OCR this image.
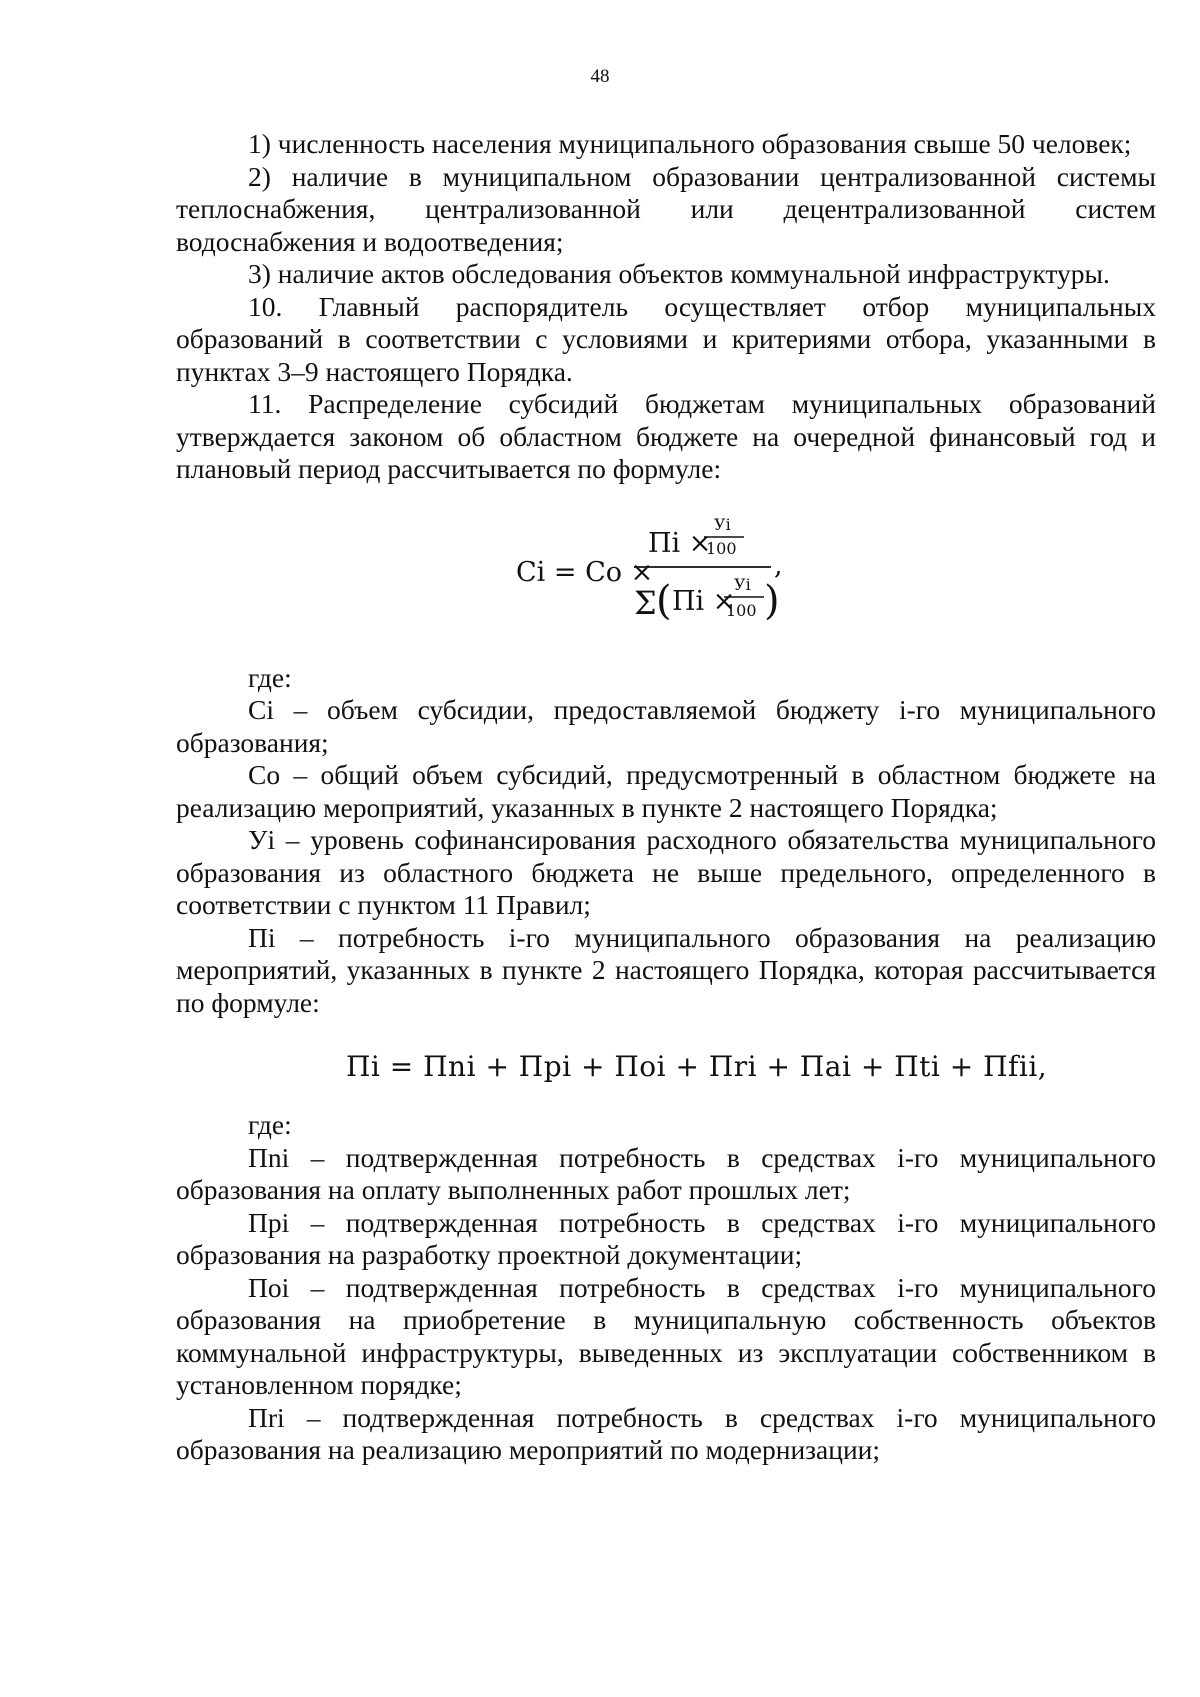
48

1) численность населения муниципального образования свыше 50 человек;

2) наличие в муниципальном образовании централизованной системы теплоснабжения, централизованной или децентрализованной систем водоснабжения и водоотведения;

3) наличие актов обследования объектов коммунальной инфраструктуры.

10. Главный распорядитель осуществляет отбор муниципальных образований в соответствии с условиями и критериями отбора, указанными в пунктах 3–9 настоящего Порядка.

11. Распределение субсидий бюджетам муниципальных образований утверждается законом об областном бюджете на очередной финансовый год и плановый период рассчитывается по формуле:

Ci = Co ×
Пi ×
Уi
100
Σ ( Пi ×
Уi
100 )
,

где:

Ci – объем субсидии, предоставляемой бюджету i-го муниципального образования;

Co – общий объем субсидий, предусмотренный в областном бюджете на реализацию мероприятий, указанных в пункте 2 настоящего Порядка;

Уi – уровень софинансирования расходного обязательства муниципального образования из областного бюджета не выше предельного, определенного в соответствии с пунктом 11 Правил;

Пi – потребность i-го муниципального образования на реализацию мероприятий, указанных в пункте 2 настоящего Порядка, которая рассчитывается по формуле:

Пi = Пni + Пpi + Пoi + Пri + Пai + Пti + Пfii,

где:

Пni – подтвержденная потребность в средствах i-го муниципального образования на оплату выполненных работ прошлых лет;

Пpi – подтвержденная потребность в средствах i-го муниципального образования на разработку проектной документации;

Пoi – подтвержденная потребность в средствах i-го муниципального образования на приобретение в муниципальную собственность объектов коммунальной инфраструктуры, выведенных из эксплуатации собственником в установленном порядке;

Пri – подтвержденная потребность в средствах i-го муниципального образования на реализацию мероприятий по модернизации;
